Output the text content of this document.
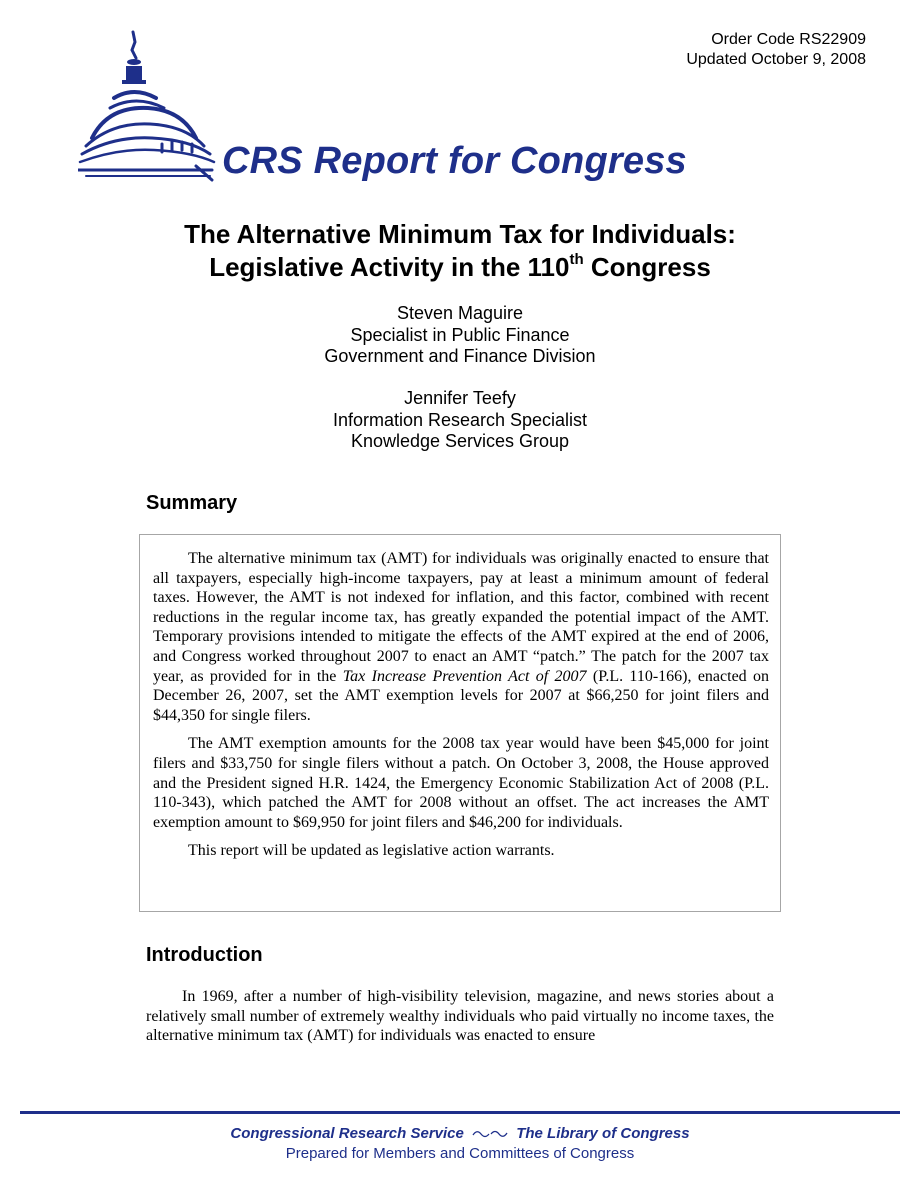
Order Code RS22909
Updated October 9, 2008
CRS Report for Congress
The Alternative Minimum Tax for Individuals:
Legislative Activity in the 110th Congress
Steven Maguire
Specialist in Public Finance
Government and Finance Division
Jennifer Teefy
Information Research Specialist
Knowledge Services Group
Summary

The alternative minimum tax (AMT) for individuals was originally enacted to ensure that all taxpayers, especially high-income taxpayers, pay at least a minimum amount of federal taxes. However, the AMT is not indexed for inflation, and this factor, combined with recent reductions in the regular income tax, has greatly expanded the potential impact of the AMT. Temporary provisions intended to mitigate the effects of the AMT expired at the end of 2006, and Congress worked throughout 2007 to enact an AMT “patch.” The patch for the 2007 tax year, as provided for in the Tax Increase Prevention Act of 2007 (P.L. 110-166), enacted on December 26, 2007, set the AMT exemption levels for 2007 at $66,250 for joint filers and $44,350 for single filers.

The AMT exemption amounts for the 2008 tax year would have been $45,000 for joint filers and $33,750 for single filers without a patch. On October 3, 2008, the House approved and the President signed H.R. 1424, the Emergency Economic Stabilization Act of 2008 (P.L. 110-343), which patched the AMT for 2008 without an offset. The act increases the AMT exemption amount to $69,950 for joint filers and $46,200 for individuals.

This report will be updated as legislative action warrants.

Introduction

In 1969, after a number of high-visibility television, magazine, and news stories about a relatively small number of extremely wealthy individuals who paid virtually no income taxes, the alternative minimum tax (AMT) for individuals was enacted to ensure

Congressional Research Service	The Library of Congress
Prepared for Members and Committees of Congress
